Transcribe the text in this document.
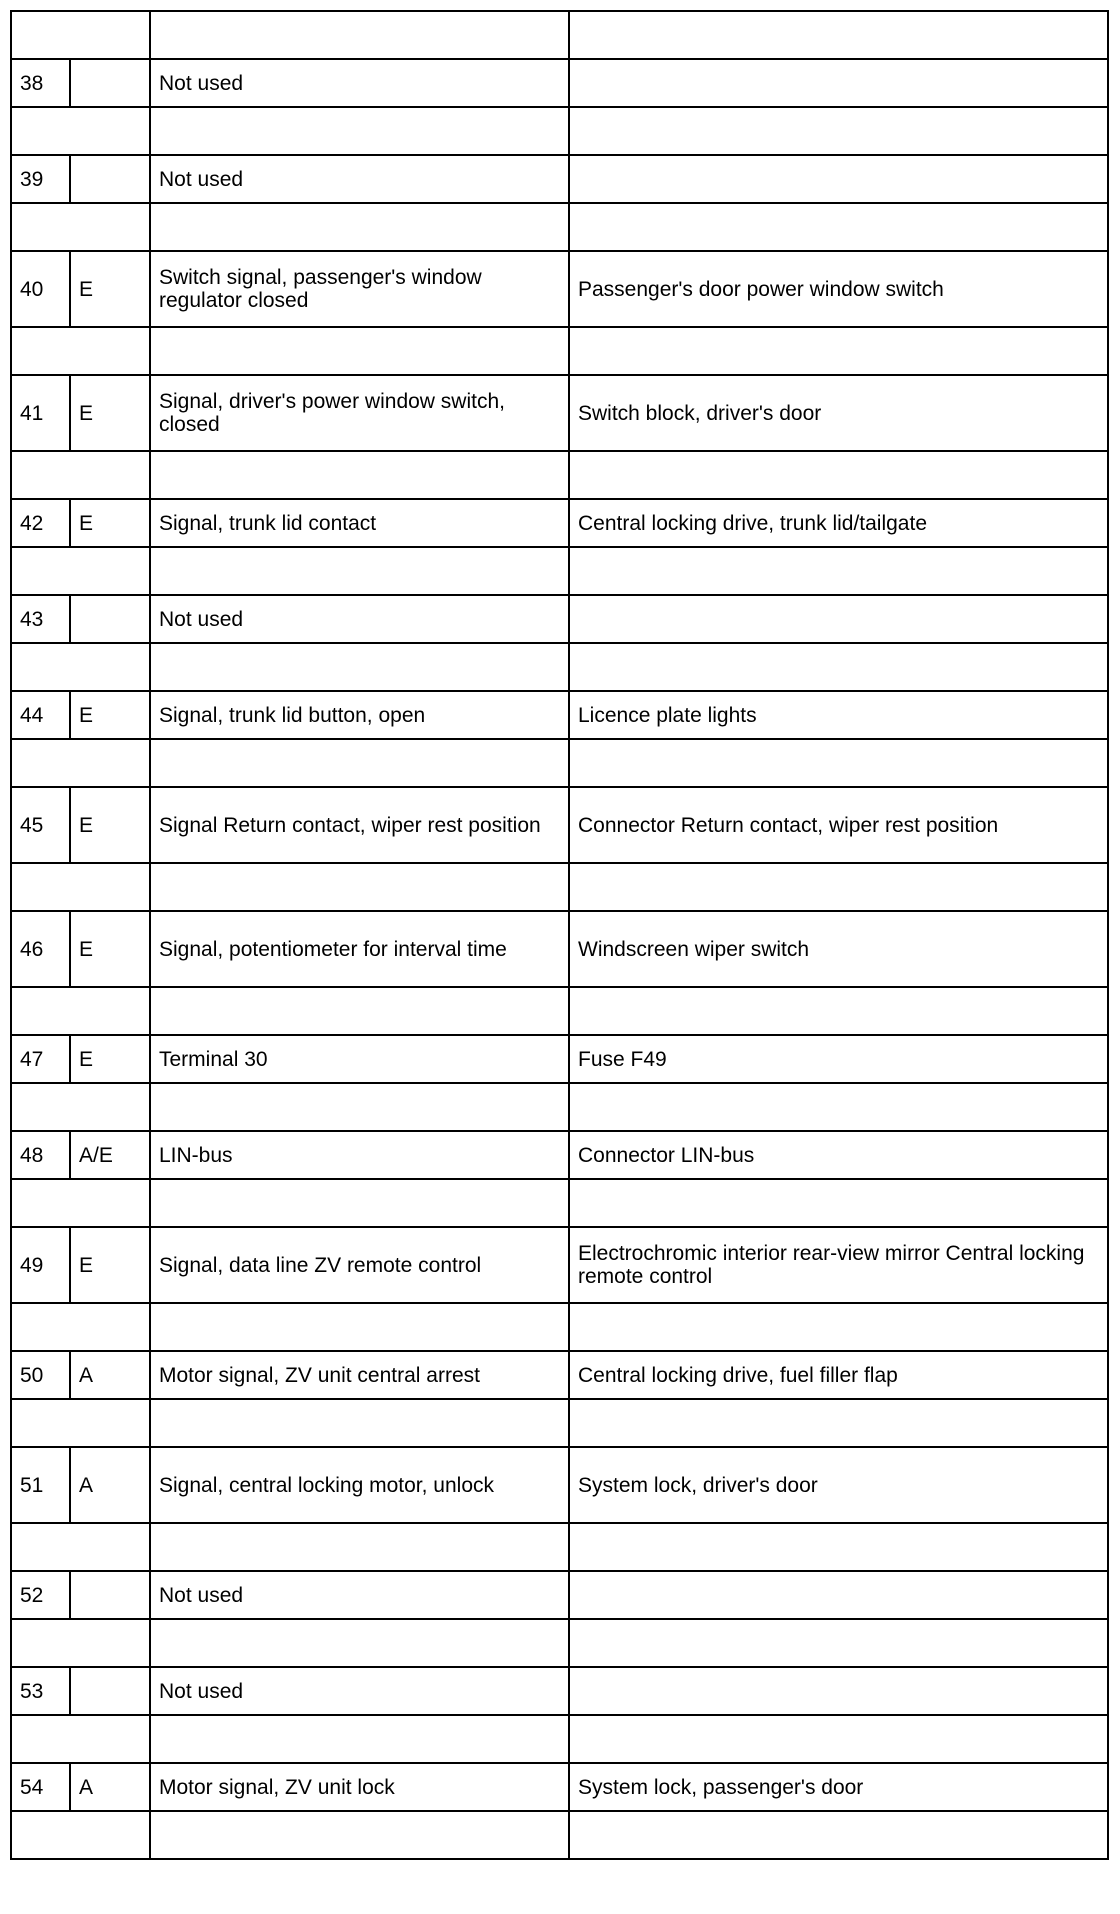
38		Not used	

39		Not used	

40	E	Switch signal, passenger's window regulator closed	Passenger's door power window switch

41	E	Signal, driver's power window switch, closed	Switch block, driver's door

42	E	Signal, trunk lid contact	Central locking drive, trunk lid/tailgate

43		Not used	

44	E	Signal, trunk lid button, open	Licence plate lights

45	E	Signal Return contact, wiper rest position	Connector Return contact, wiper rest position

46	E	Signal, potentiometer for interval time	Windscreen wiper switch

47	E	Terminal 30	Fuse F49

48	A/E	LIN-bus	Connector LIN-bus

49	E	Signal, data line ZV remote control	Electrochromic interior rear-view mirror Central locking remote control

50	A	Motor signal, ZV unit central arrest	Central locking drive, fuel filler flap

51	A	Signal, central locking motor, unlock	System lock, driver's door

52		Not used	

53		Not used	

54	A	Motor signal, ZV unit lock	System lock, passenger's door
